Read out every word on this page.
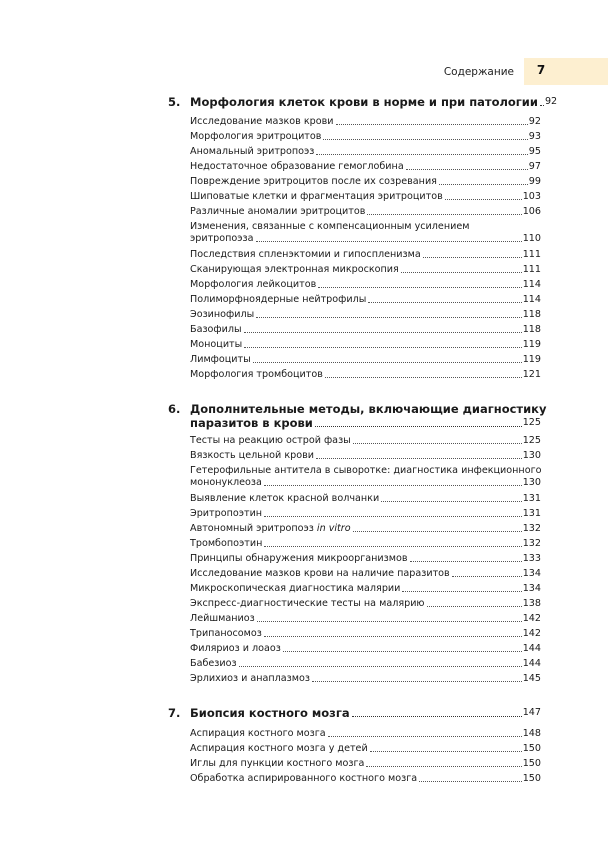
Содержание	7
5. Морфология клеток крови в норме и при патологии 92
Исследование мазков крови	92
Морфология эритроцитов	93
Аномальный эритропоэз	95
Недостаточное образование гемоглобина	97
Повреждение эритроцитов после их созревания	99
Шиповатые клетки и фрагментация эритроцитов	103
Различные аномалии эритроцитов	106
Изменения, связанные с компенсационным усилением
эритропоэза	110
Последствия спленэктомии и гипоспленизма	111
Сканирующая электронная микроскопия	111
Морфология лейкоцитов	114
Полиморфноядерные нейтрофилы	114
Эозинофилы	118
Базофилы	118
Моноциты	119
Лимфоциты	119
Морфология тромбоцитов	121
6. Дополнительные методы, включающие диагностику
паразитов в крови	125
Тесты на реакцию острой фазы	125
Вязкость цельной крови	130
Гетерофильные антитела в сыворотке: диагностика инфекционного
мононуклеоза	130
Выявление клеток красной волчанки	131
Эритропоэтин	131
Автономный эритропоэз
in vitro	132
Тромбопоэтин	132
Принципы обнаружения микроорганизмов	133
Исследование мазков крови на наличие паразитов	134
Микроскопическая диагностика малярии	134
Экспресс-диагностические тесты на малярию	138
Лейшманиоз	142
Трипаносомоз	142
Филяриоз и лоаоз	144
Бабезиоз	144
Эрлихиоз и анаплазмоз	145
7. Биопсия костного мозга	147
Аспирация костного мозга	148
Аспирация костного мозга у детей	150
Иглы для пункции костного мозга	150
Обработка аспирированного костного мозга	150
